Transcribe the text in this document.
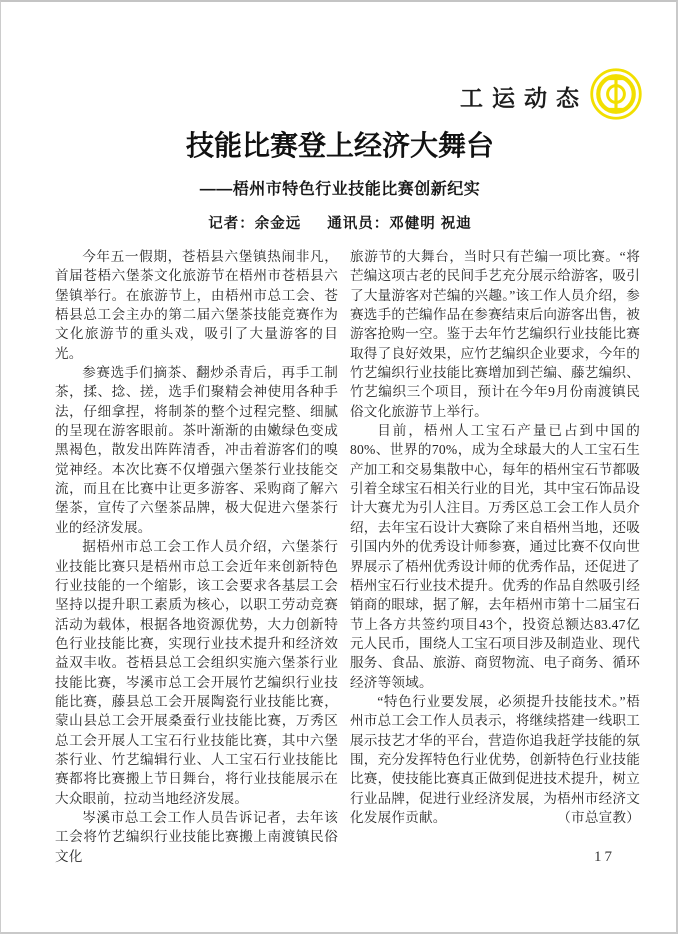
工运动态
技能比赛登上经济大舞台
——梧州市特色行业技能比赛创新纪实
记者：余金远 通讯员：邓健明 祝迪

今年五一假期，苍梧县六堡镇热闹非凡，首届苍梧六堡茶文化旅游节在梧州市苍梧县六堡镇举行。在旅游节上，由梧州市总工会、苍梧县总工会主办的第二届六堡茶技能竞赛作为文化旅游节的重头戏，吸引了大量游客的目光。

参赛选手们摘茶、翻炒杀青后，再手工制茶，揉、捻、搓，选手们聚精会神使用各种手法，仔细拿捏，将制茶的整个过程完整、细腻的呈现在游客眼前。茶叶渐渐的由嫩绿色变成黑褐色，散发出阵阵清香，冲击着游客们的嗅觉神经。本次比赛不仅增强六堡茶行业技能交流，而且在比赛中让更多游客、采购商了解六堡茶，宣传了六堡茶品牌，极大促进六堡茶行业的经济发展。

据梧州市总工会工作人员介绍，六堡茶行业技能比赛只是梧州市总工会近年来创新特色行业技能的一个缩影，该工会要求各基层工会坚持以提升职工素质为核心，以职工劳动竞赛活动为载体，根据各地资源优势，大力创新特色行业技能比赛，实现行业技术提升和经济效益双丰收。苍梧县总工会组织实施六堡茶行业技能比赛，岑溪市总工会开展竹艺编织行业技能比赛，藤县总工会开展陶瓷行业技能比赛，蒙山县总工会开展桑蚕行业技能比赛，万秀区总工会开展人工宝石行业技能比赛，其中六堡茶行业、竹艺编辑行业、人工宝石行业技能比赛都将比赛搬上节日舞台，将行业技能展示在大众眼前，拉动当地经济发展。

岑溪市总工会工作人员告诉记者，去年该工会将竹艺编织行业技能比赛搬上南渡镇民俗文化

旅游节的大舞台，当时只有芒编一项比赛。“将芒编这项古老的民间手艺充分展示给游客，吸引了大量游客对芒编的兴趣。”该工作人员介绍，参赛选手的芒编作品在参赛结束后向游客出售，被游客抢购一空。鉴于去年竹艺编织行业技能比赛取得了良好效果，应竹艺编织企业要求，今年的竹艺编织行业技能比赛增加到芒编、藤艺编织、竹艺编织三个项目，预计在今年9月份南渡镇民俗文化旅游节上举行。

目前，梧州人工宝石产量已占到中国的80%、世界的70%，成为全球最大的人工宝石生产加工和交易集散中心，每年的梧州宝石节都吸引着全球宝石相关行业的目光，其中宝石饰品设计大赛尤为引人注目。万秀区总工会工作人员介绍，去年宝石设计大赛除了来自梧州当地，还吸引国内外的优秀设计师参赛，通过比赛不仅向世界展示了梧州优秀设计师的优秀作品，还促进了梧州宝石行业技术提升。优秀的作品自然吸引经销商的眼球，据了解，去年梧州市第十二届宝石节上各方共签约项目43个，投资总额达83.47亿元人民币，围绕人工宝石项目涉及制造业、现代服务、食品、旅游、商贸物流、电子商务、循环经济等领域。

“特色行业要发展，必须提升技能技术。”梧州市总工会工作人员表示，将继续搭建一线职工展示技艺才华的平台，营造你追我赶学技能的氛围，充分发挥特色行业优势，创新特色行业技能比赛，使技能比赛真正做到促进技术提升，树立行业品牌，促进行业经济发展，为梧州市经济文化发展作贡献。	（市总宣教）

17
